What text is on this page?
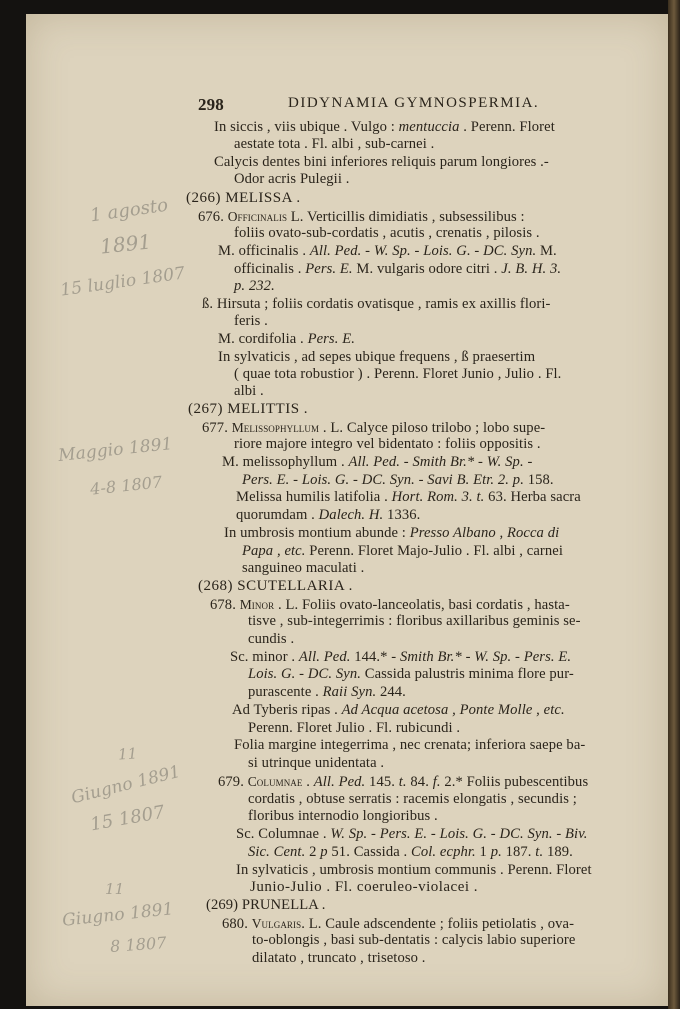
298	DIDYNAMIA GYMNOSPERMIA.
In siccis , viis ubique . Vulgo : mentuccia . Perenn. Floret
aestate tota . Fl. albi , sub-carnei .
Calycis dentes bini inferiores reliquis parum longiores .-
Odor acris Pulegii .
(266) MELISSA .
676. Officinalis L. Verticillis dimidiatis , subsessilibus :
foliis ovato-sub-cordatis , acutis , crenatis , pilosis .
M. officinalis . All. Ped. - W. Sp. - Lois. G. - DC. Syn. M.
officinalis . Pers. E. M. vulgaris odore citri . J. B. H. 3.
p. 232.
ß. Hirsuta ; foliis cordatis ovatisque , ramis ex axillis flori-
feris .
M. cordifolia . Pers. E.
In sylvaticis , ad sepes ubique frequens , ß praesertim
( quae tota robustior ) . Perenn. Floret Junio , Julio . Fl.
albi .
(267) MELITTIS .
677. Melissophyllum . L. Calyce piloso trilobo ; lobo supe-
riore majore integro vel bidentato : foliis oppositis .
M. melissophyllum . All. Ped. - Smith Br.* - W. Sp. -
Pers. E. - Lois. G. - DC. Syn. - Savi B. Etr. 2. p. 158.
Melissa humilis latifolia . Hort. Rom. 3. t. 63. Herba sacra
quorumdam . Dalech. H. 1336.
In umbrosis montium abunde : Presso Albano , Rocca di
Papa , etc. Perenn. Floret Majo-Julio . Fl. albi , carnei
sanguineo maculati .
(268) SCUTELLARIA .
678. Minor . L. Foliis ovato-lanceolatis, basi cordatis , hasta-
tisve , sub-integerrimis : floribus axillaribus geminis se-
cundis .
Sc. minor . All. Ped. 144.* - Smith Br.* - W. Sp. - Pers. E.
Lois. G. - DC. Syn. Cassida palustris minima flore pur-
purascente . Raii Syn. 244.
Ad Tyberis ripas . Ad Acqua acetosa , Ponte Molle , etc.
Perenn. Floret Julio . Fl. rubicundi .
Folia margine integerrima , nec crenata; inferiora saepe ba-
si utrinque unidentata .
679. Columnae . All. Ped. 145. t. 84. f. 2.* Foliis pubescentibus
cordatis , obtuse serratis : racemis elongatis , secundis ;
floribus internodio longioribus .
Sc. Columnae . W. Sp. - Pers. E. - Lois. G. - DC. Syn. - Biv.
Sic. Cent. 2 p 51. Cassida . Col. ecphr. 1 p. 187. t. 189.
In sylvaticis , umbrosis montium communis . Perenn. Floret
Junio-Julio . Fl. coeruleo-violacei .
(269) PRUNELLA .
680. Vulgaris. L. Caule adscendente ; foliis petiolatis , ova-
to-oblongis , basi sub-dentatis : calycis labio superiore
dilatato , truncato , trisetoso .
1 agosto
1891
15 luglio 1807
Maggio 1891
4-8 1807
11
Giugno 1891
15 1807
11
Giugno 1891
8 1807
